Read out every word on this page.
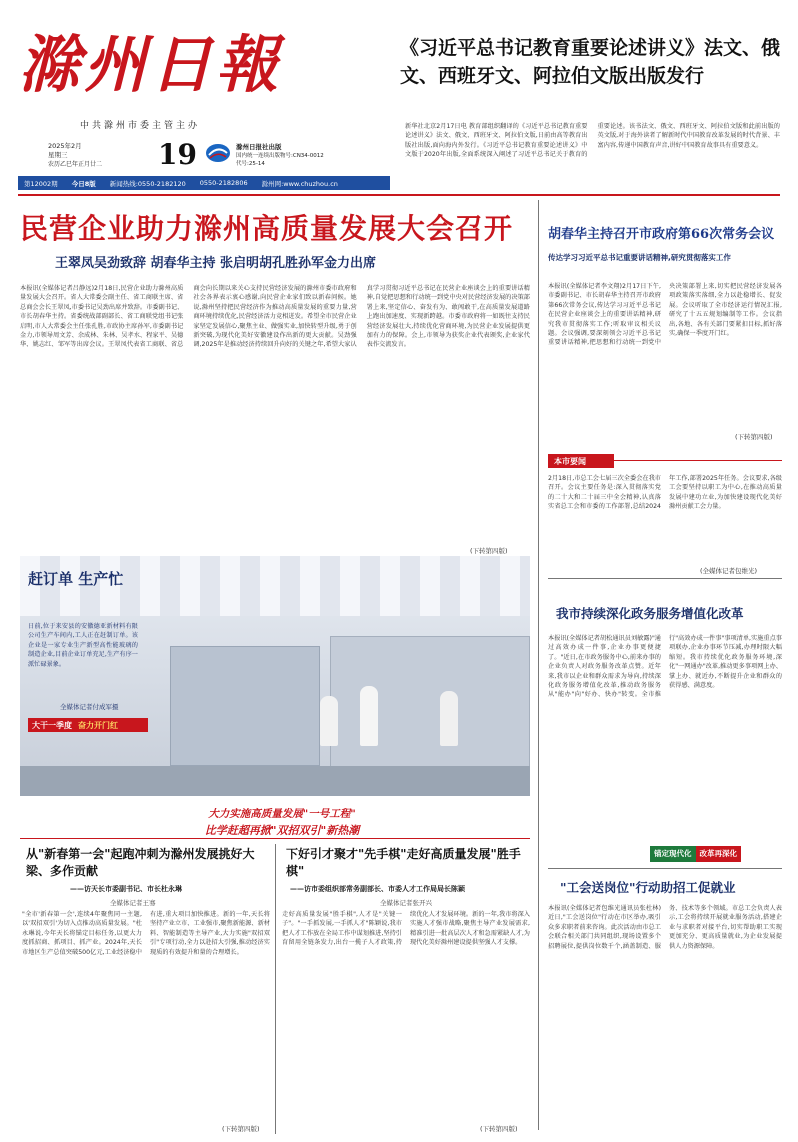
滁州日報
中共滁州市委主管主办
2025年2月
星期三
农历乙巳年正月廿二 19	滁州日报社出版
国内统一连续出版物号:CN34-0012
代号:25-14
第12002期 今日8版 新闻热线:0550-2182120 0550-2182806 滁州网:www.chuzhou.cn
《习近平总书记教育重要论述讲义》法文、俄文、西班牙文、阿拉伯文版出版发行
新华社北京2月17日电 教育部组织翻译的《习近平总书记教育重要论述讲义》法文、俄文、西班牙文、阿拉伯文版,日前由高等教育出版社出版,面向海内外发行。《习近平总书记教育重要论述讲义》中文版于2020年出版,全面系统深入阐述了习近平总书记关于教育的重要论述。该书法文、俄文、西班牙文、阿拉伯文版和此前出版的英文版,对于海外读者了解新时代中国教育改革发展的时代背景、丰富内容,传递中国教育声音,讲好中国教育故事具有重要意义。
民营企业助力滁州高质量发展大会召开
王翠凤吴劲致辞 胡春华主持 张启明胡孔胜孙军金力出席
本报讯(全媒体记者吕静远)2月18日,民营企业助力滁州高质量发展大会召开。省人大常委会副主任、省工商联主席、省总商会会长王翠凤,市委书记吴劲出席并致辞。市委副书记、市长胡春华主持。省委统战部副部长、省工商联党组书记张启明,市人大常委会主任张孔胜,市政协主席孙军,市委副书记金力,市领导周文芳、余成林、朱林、吴孝水、程家平、吴德华、姚志红、邹军等出席会议。王翠凤代表省工商联、省总商会向长期以来关心支持民营经济发展的滁州市委市政府和社会各界表示衷心感谢,向民营企业家们致以新春问候。她说,滁州坚持把民营经济作为推动高质量发展的重要力量,营商环境持续优化,民营经济活力竞相迸发。希望全市民营企业家坚定发展信心,聚焦主业、做强实业,加快转型升级,勇于创新突破,为现代化美好安徽建设作出新的更大贡献。吴劲强调,2025年是推动经济持续回升向好的关键之年,希望大家认真学习贯彻习近平总书记在民营企业座谈会上的重要讲话精神,自觉把思想和行动统一到党中央对民营经济发展的决策部署上来,坚定信心、奋发有为、敢闯敢干,在高质量发展道路上跑出加速度、实现新跨越。市委市政府将一如既往支持民营经济发展壮大,持续优化营商环境,为民营企业发展提供更加有力的保障。会上,市领导为获奖企业代表颁奖,企业家代表作交流发言。
(下转第四版)
胡春华主持召开市政府第66次常务会议
传达学习习近平总书记重要讲话精神,研究贯彻落实工作
本报讯(全媒体记者李文翔)2月17日下午,市委副书记、市长胡春华主持召开市政府第66次常务会议,传达学习习近平总书记在民营企业座谈会上的重要讲话精神,研究我市贯彻落实工作;听取审议相关议题。会议强调,要深刻领会习近平总书记重要讲话精神,把思想和行动统一到党中央决策部署上来,切实把民营经济发展各项政策落实落细,全力以赴稳增长、促发展。会议听取了全市经济运行情况汇报,研究了十五五规划编制等工作。会议指出,各地、各有关部门要紧扣目标,抓好落实,确保一季度开门红。
(下转第四版)
本市要闻
2月18日,市总工会七届三次全委会在我市召开。会议主要任务是:深入贯彻落实党的二十大和二十届三中全会精神,认真落实省总工会和市委的工作部署,总结2024年工作,部署2025年任务。会议要求,各级工会要坚持以职工为中心,在推动高质量发展中建功立业,为加快建设现代化美好滁州贡献工会力量。
(全媒体记者包维光)
赶订单 生产忙
日前,位于来安县的安徽德亚新材料有限公司生产车间内,工人正在赶制订单。该企业是一家专业生产新型高性能玻璃的制造企业,目前企业订单充足,生产有序一派忙碌景象。
全媒体记者付成军摄
大干一季度 奋力开门红
我市持续深化政务服务增值化改革
本报讯(全媒体记者胡松通讯员刘敏露)"通过高效办成一件事,企业办事更便捷了。"近日,在市政务服务中心,前来办事的企业负责人对政务服务改革点赞。近年来,我市以企业和群众需求为导向,持续深化政务服务增值化改革,推动政务服务从"能办"向"好办、快办"转变。全市推行"高效办成一件事"事项清单,实施重点事项联办,企业办事环节压减,办理时限大幅缩短。我市持续优化政务服务环境,深化"一网通办"改革,推动更多事项网上办、掌上办、就近办,不断提升企业和群众的获得感、满意度。
锚定现代化	改革再深化
大力实施高质量发展"一号工程"
比学赶超再掀"双招双引"新热潮
从"新春第一会"起跑冲刺为滁州发展挑好大梁、多作贡献
——访天长市委副书记、市长杜永琳
全媒体记者王骞
"全市'新春第一会',连续4年聚焦同一主题,以'双招双引'为切入点推动高质量发展。"杜永琳说,今年天长将锚定目标任务,以更大力度抓招商、抓项目、抓产业。2024年,天长市地区生产总值突破500亿元,工业经济稳中有进,重大项目加快推进。新的一年,天长将坚持产业立市、工业强市,聚焦新能源、新材料、智能制造等主导产业,大力实施"双招双引"专项行动,全力以赴招大引强,推动经济实现质的有效提升和量的合理增长。
(下转第四版)
下好引才聚才"先手棋"走好高质量发展"胜手棋"
——访市委组织部常务副部长、市委人才工作局局长陈颖
全媒体记者张开兴
走好高质量发展"胜手棋",人才是"关键一子"。"一手抓发展,一手抓人才"陈颖说,我市把人才工作放在全局工作中谋划推进,坚持引育留用全链条发力,出台一揽子人才政策,持续优化人才发展环境。新的一年,我市将深入实施人才强市战略,聚焦主导产业发展需求,精准引进一批高层次人才和急需紧缺人才,为现代化美好滁州建设提供坚强人才支撑。
(下转第四版)
"工会送岗位"行动助招工促就业
本报讯(全媒体记者包维光通讯员张杜林)近日,"工会送岗位"行动在市区举办,吸引众多求职者前来咨询。此次活动由市总工会联合相关部门共同组织,现场设置多个招聘展位,提供岗位数千个,涵盖制造、服务、技术等多个领域。市总工会负责人表示,工会将持续开展就业服务活动,搭建企业与求职者对接平台,切实帮助职工实现更加充分、更高质量就业,为企业发展提供人力资源保障。
